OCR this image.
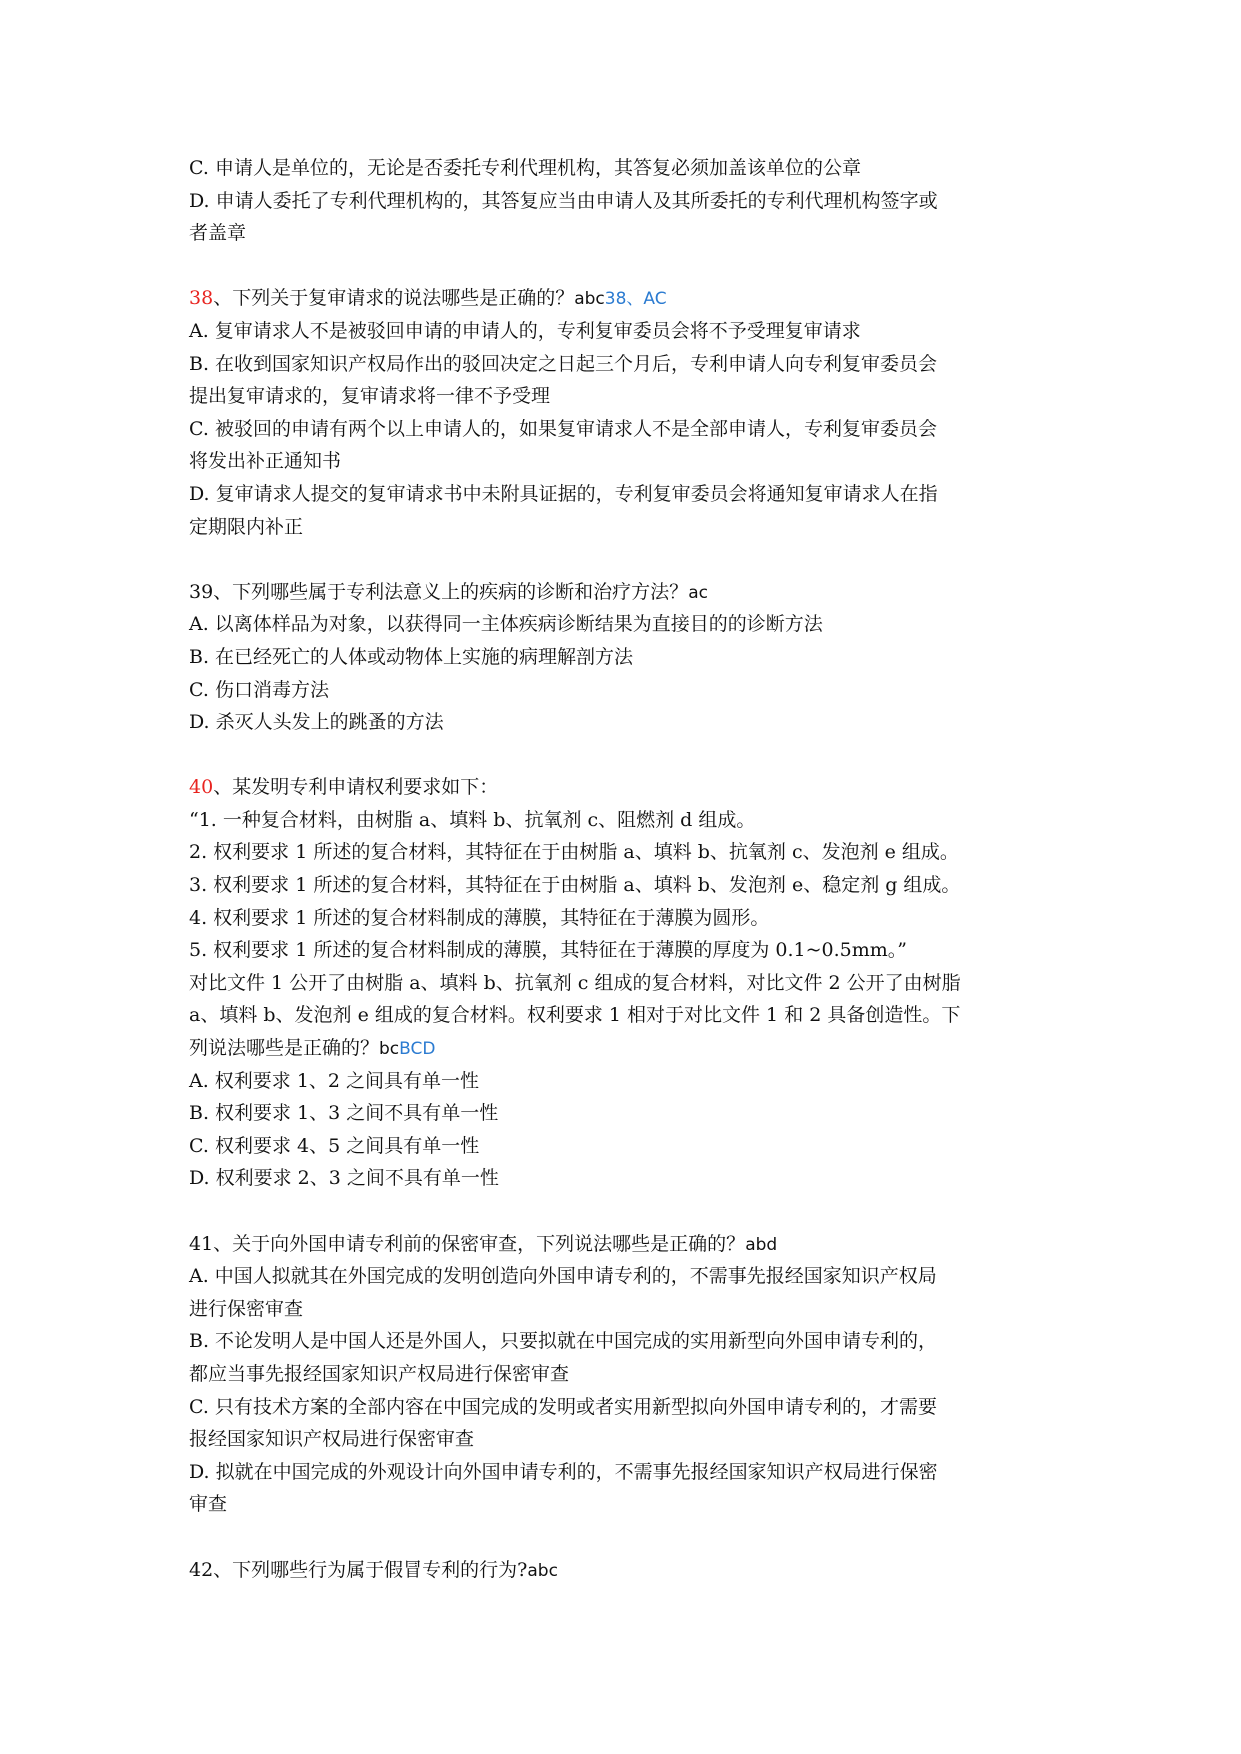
C. 申请人是单位的，无论是否委托专利代理机构，其答复必须加盖该单位的公章
D. 申请人委托了专利代理机构的，其答复应当由申请人及其所委托的专利代理机构签字或
者盖章
38、下列关于复审请求的说法哪些是正确的？abc38、AC
A. 复审请求人不是被驳回申请的申请人的，专利复审委员会将不予受理复审请求
B. 在收到国家知识产权局作出的驳回决定之日起三个月后，专利申请人向专利复审委员会
提出复审请求的，复审请求将一律不予受理
C. 被驳回的申请有两个以上申请人的，如果复审请求人不是全部申请人，专利复审委员会
将发出补正通知书
D. 复审请求人提交的复审请求书中未附具证据的，专利复审委员会将通知复审请求人在指
定期限内补正
39、下列哪些属于专利法意义上的疾病的诊断和治疗方法？ac
A. 以离体样品为对象，以获得同一主体疾病诊断结果为直接目的的诊断方法
B. 在已经死亡的人体或动物体上实施的病理解剖方法
C. 伤口消毒方法
D. 杀灭人头发上的跳蚤的方法
40、某发明专利申请权利要求如下：
“1. 一种复合材料，由树脂 a、填料 b、抗氧剂 c、阻燃剂 d 组成。
2. 权利要求 1 所述的复合材料，其特征在于由树脂 a、填料 b、抗氧剂 c、发泡剂 e 组成。
3. 权利要求 1 所述的复合材料，其特征在于由树脂 a、填料 b、发泡剂 e、稳定剂 g 组成。
4. 权利要求 1 所述的复合材料制成的薄膜，其特征在于薄膜为圆形。
5. 权利要求 1 所述的复合材料制成的薄膜，其特征在于薄膜的厚度为 0.1~0.5mm。”
对比文件 1 公开了由树脂 a、填料 b、抗氧剂 c 组成的复合材料，对比文件 2 公开了由树脂
a、填料 b、发泡剂 e 组成的复合材料。权利要求 1 相对于对比文件 1 和 2 具备创造性。下
列说法哪些是正确的？bcBCD
A. 权利要求 1、2 之间具有单一性
B. 权利要求 1、3 之间不具有单一性
C. 权利要求 4、5 之间具有单一性
D. 权利要求 2、3 之间不具有单一性
41、关于向外国申请专利前的保密审查，下列说法哪些是正确的？abd
A. 中国人拟就其在外国完成的发明创造向外国申请专利的，不需事先报经国家知识产权局
进行保密审查
B. 不论发明人是中国人还是外国人，只要拟就在中国完成的实用新型向外国申请专利的，
都应当事先报经国家知识产权局进行保密审查
C. 只有技术方案的全部内容在中国完成的发明或者实用新型拟向外国申请专利的，才需要
报经国家知识产权局进行保密审查
D. 拟就在中国完成的外观设计向外国申请专利的，不需事先报经国家知识产权局进行保密
审查
42、下列哪些行为属于假冒专利的行为?abc
